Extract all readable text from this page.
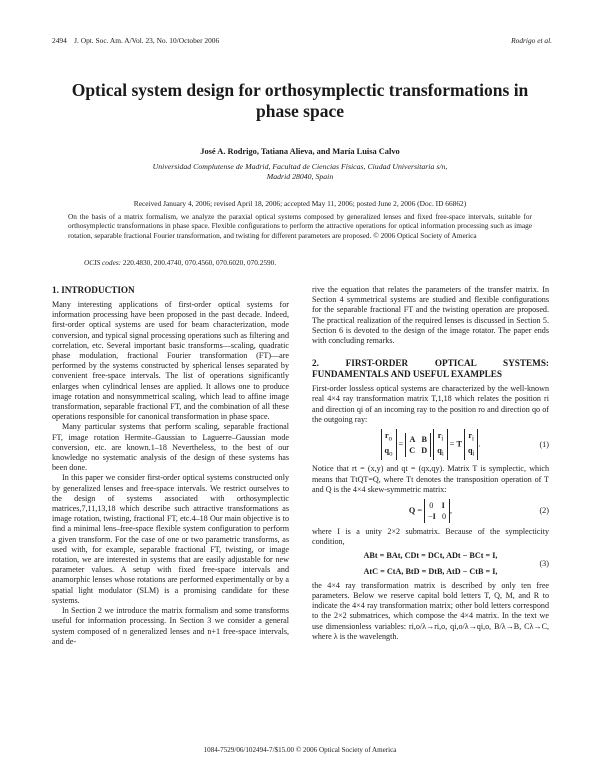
2494 J. Opt. Soc. Am. A/Vol. 23, No. 10/October 2006	Rodrigo et al.
Optical system design for orthosymplectic transformations in phase space
José A. Rodrigo, Tatiana Alieva, and María Luisa Calvo
Universidad Complutense de Madrid, Facultad de Ciencias Físicas, Ciudad Universitaria s/n,
Madrid 28040, Spain
Received January 4, 2006; revised April 18, 2006; accepted May 11, 2006; posted June 2, 2006 (Doc. ID 66862)
On the basis of a matrix formalism, we analyze the paraxial optical systems composed by generalized lenses and fixed free-space intervals, suitable for orthosymplectic transformations in phase space. Flexible configurations to perform the attractive operations for optical information processing such as image rotation, separable fractional Fourier transformation, and twisting for different parameters are proposed. © 2006 Optical Society of America
OCIS codes: 220.4830, 200.4740, 070.4560, 070.6020, 070.2590.
1. INTRODUCTION

Many interesting applications of first-order optical systems for information processing have been proposed in the past decade. Indeed, first-order optical systems are used for beam characterization, mode conversion, and typical signal processing operations such as filtering and correlation, etc. Several important basic transforms—scaling, quadratic phase modulation, fractional Fourier transformation (FT)—are performed by the systems constructed by spherical lenses separated by convenient free-space intervals. The list of operations significantly enlarges when cylindrical lenses are applied. It allows one to produce image rotation and nonsymmetrical scaling, which lead to affine image transformation, separable fractional FT, and the combination of all these operations responsible for canonical transformation in phase space.

Many particular systems that perform scaling, separable fractional FT, image rotation Hermite–Gaussian to Laguerre–Gaussian mode conversion, etc. are known.1–18 Nevertheless, to the best of our knowledge no systematic analysis of the design of these systems has been done.

In this paper we consider first-order optical systems constructed only by generalized lenses and free-space intervals. We restrict ourselves to the design of systems associated with orthosymplectic matrices,7,11,13,18 which describe such attractive transformations as image rotation, twisting, fractional FT, etc.4–18 Our main objective is to find a minimal lens–free-space flexible system configuration to perform a given transform. For the case of one or two parametric transforms, as used with, for example, separable fractional FT, twisting, or image rotation, we are interested in systems that are easily adjustable for new parameter values. A setup with fixed free-space intervals and anamorphic lenses whose rotations are performed experimentally or by a spatial light modulator (SLM) is a promising candidate for these systems.

In Section 2 we introduce the matrix formalism and some transforms useful for information processing. In Section 3 we consider a general system composed of n generalized lenses and n+1 free-space intervals, and de-

rive the equation that relates the parameters of the transfer matrix. In Section 4 symmetrical systems are studied and flexible configurations for the separable fractional FT and the twisting operation are proposed. The practical realization of the required lenses is discussed in Section 5. Section 6 is devoted to the design of the image rotator. The paper ends with concluding remarks.

2. FIRST-ORDER OPTICAL SYSTEMS: FUNDAMENTALS AND USEFUL EXAMPLES

First-order lossless optical systems are characterized by the well-known real 4×4 ray transformation matrix T,1,18 which relates the position ri and direction qi of an incoming ray to the position ro and direction qo of the outgoing ray:

$r_o$
$q_o = A$ B
C D $r_i$
$q_i = T$ $r_i$
$q_i$.	(1)

Notice that rt = (x,y) and qt = (qx,qy). Matrix T is symplectic, which means that TtQT=Q, where Tt denotes the transposition operation of T and Q is the 4×4 skew-symmetric matrix:

Q = 0    I
−I   0,	(2)

where I is a unity 2×2 submatrix. Because of the symplecticity condition,

ABt = BAt, CDt = DCt, ADt − BCt = I,
AtC = CtA, BtD = DtB, AtD − CtB = I,
(3)

the 4×4 ray transformation matrix is described by only ten free parameters. Below we reserve capital bold letters T, Q, M, and R to indicate the 4×4 ray transformation matrix; other bold letters correspond to the 2×2 submatrices, which compose the 4×4 matrix. In the text we use dimensionless variables: ri,o/λ→ri,o, qi,o/λ→qi,o, B/λ→B, Cλ→C, where λ is the wavelength.

1084-7529/06/102494-7/$15.00 © 2006 Optical Society of America
